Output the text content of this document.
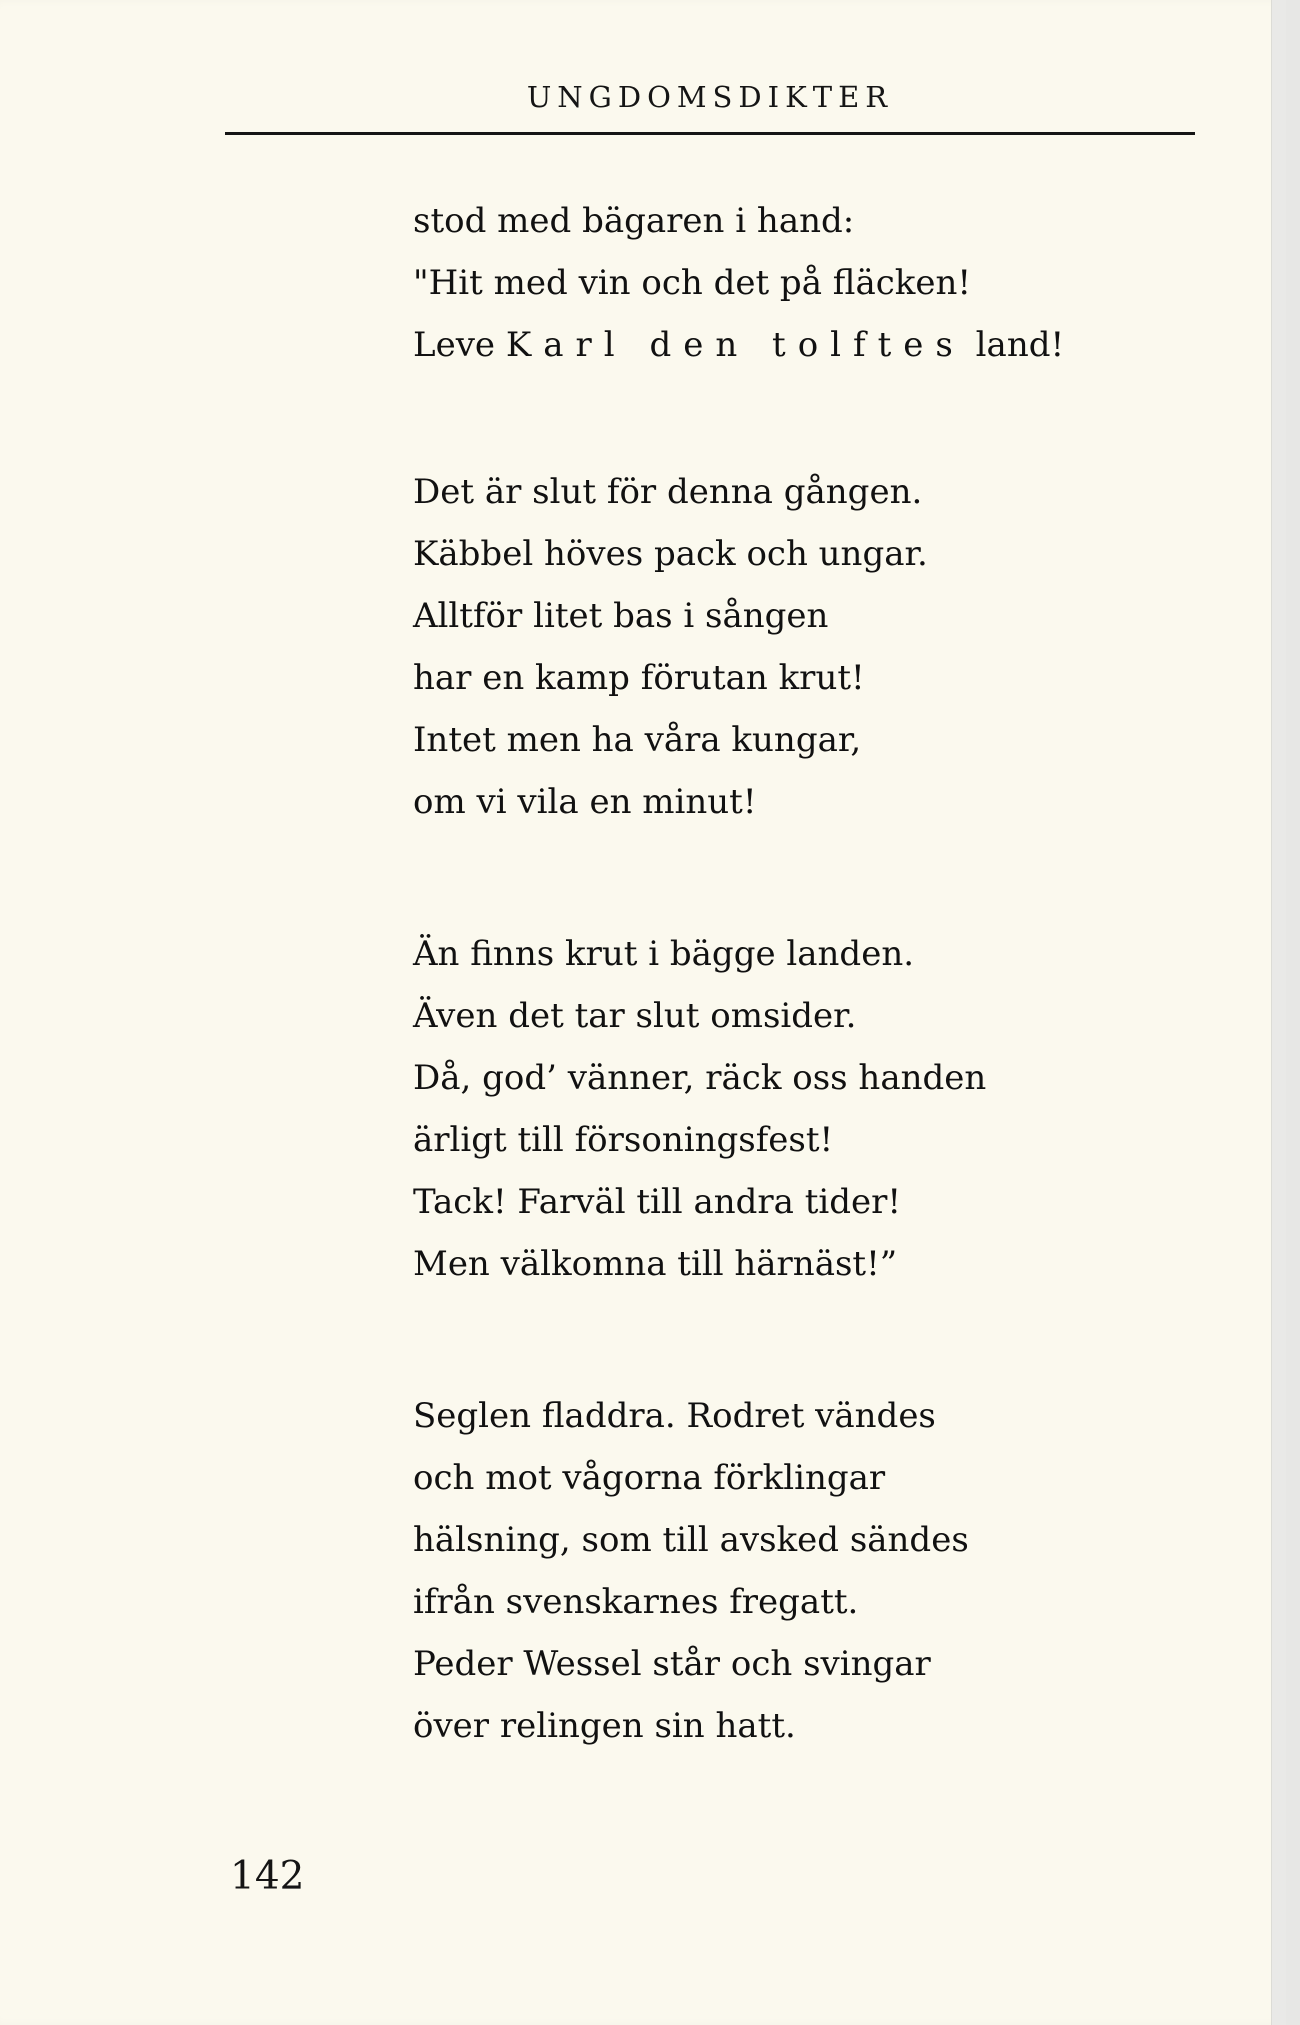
UNGDOMSDIKTER
stod med bägaren i hand:
"Hit med vin och det på fläcken!
Leve Karl den tolftes land!
Det är slut för denna gången.
Käbbel höves pack och ungar.
Alltför litet bas i sången
har en kamp förutan krut!
Intet men ha våra kungar,
om vi vila en minut!
Än finns krut i bägge landen.
Även det tar slut omsider.
Då, god’ vänner, räck oss handen
ärligt till försoningsfest!
Tack! Farväl till andra tider!
Men välkomna till härnäst!”
Seglen fladdra. Rodret vändes
och mot vågorna förklingar
hälsning, som till avsked sändes
ifrån svenskarnes fregatt.
Peder Wessel står och svingar
över relingen sin hatt.
142
